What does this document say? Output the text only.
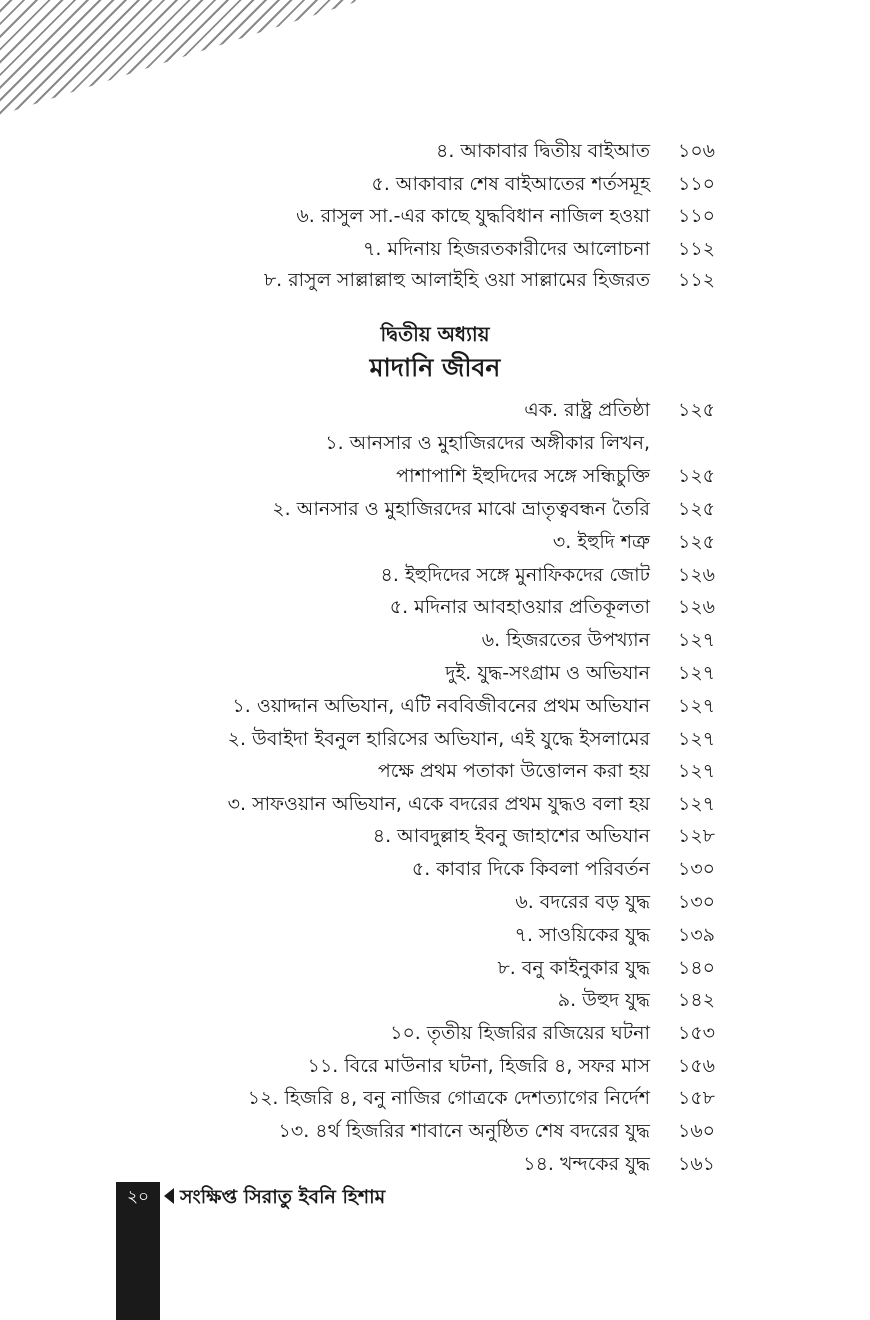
৪. আকাবার দ্বিতীয় বাইআত ১০৬
৫. আকাবার শেষ বাইআতের শর্তসমূহ ১১০
৬. রাসুল সা.-এর কাছে যুদ্ধবিধান নাজিল হওয়া ১১০
৭. মদিনায় হিজরতকারীদের আলোচনা ১১২
৮. রাসুল সাল্লাল্লাহু আলাইহি ওয়া সাল্লামের হিজরত ১১২
দ্বিতীয় অধ্যায়
মাদানি জীবন
এক. রাষ্ট্র প্রতিষ্ঠা ১২৫
১. আনসার ও মুহাজিরদের অঙ্গীকার লিখন,
পাশাপাশি ইহুদিদের সঙ্গে সন্ধিচুক্তি ১২৫
২. আনসার ও মুহাজিরদের মাঝে ভ্রাতৃত্ববন্ধন তৈরি ১২৫
৩. ইহুদি শত্রু ১২৫
৪. ইহুদিদের সঙ্গে মুনাফিকদের জোট ১২৬
৫. মদিনার আবহাওয়ার প্রতিকূলতা ১২৬
৬. হিজরতের উপখ্যান ১২৭
দুই. যুদ্ধ-সংগ্রাম ও অভিযান ১২৭
১. ওয়াদ্দান অভিযান, এটি নববিজীবনের প্রথম অভিযান ১২৭
২. উবাইদা ইবনুল হারিসের অভিযান, এই যুদ্ধে ইসলামের ১২৭
পক্ষে প্রথম পতাকা উত্তোলন করা হয় ১২৭
৩. সাফওয়ান অভিযান, একে বদরের প্রথম যুদ্ধও বলা হয় ১২৭
৪. আবদুল্লাহ ইবনু জাহাশের অভিযান ১২৮
৫. কাবার দিকে কিবলা পরিবর্তন ১৩০
৬. বদরের বড় যুদ্ধ ১৩০
৭. সাওয়িকের যুদ্ধ ১৩৯
৮. বনু কাইনুকার যুদ্ধ ১৪০
৯. উহুদ যুদ্ধ ১৪২
১০. তৃতীয় হিজরির রজিয়ের ঘটনা ১৫৩
১১. বিরে মাউনার ঘটনা, হিজরি ৪, সফর মাস ১৫৬
১২. হিজরি ৪, বনু নাজির গোত্রকে দেশত্যাগের নির্দেশ ১৫৮
১৩. ৪র্থ হিজরির শাবানে অনুষ্ঠিত শেষ বদরের যুদ্ধ ১৬০
১৪. খন্দকের যুদ্ধ ১৬১
২০	সংক্ষিপ্ত সিরাতু ইবনি হিশাম
